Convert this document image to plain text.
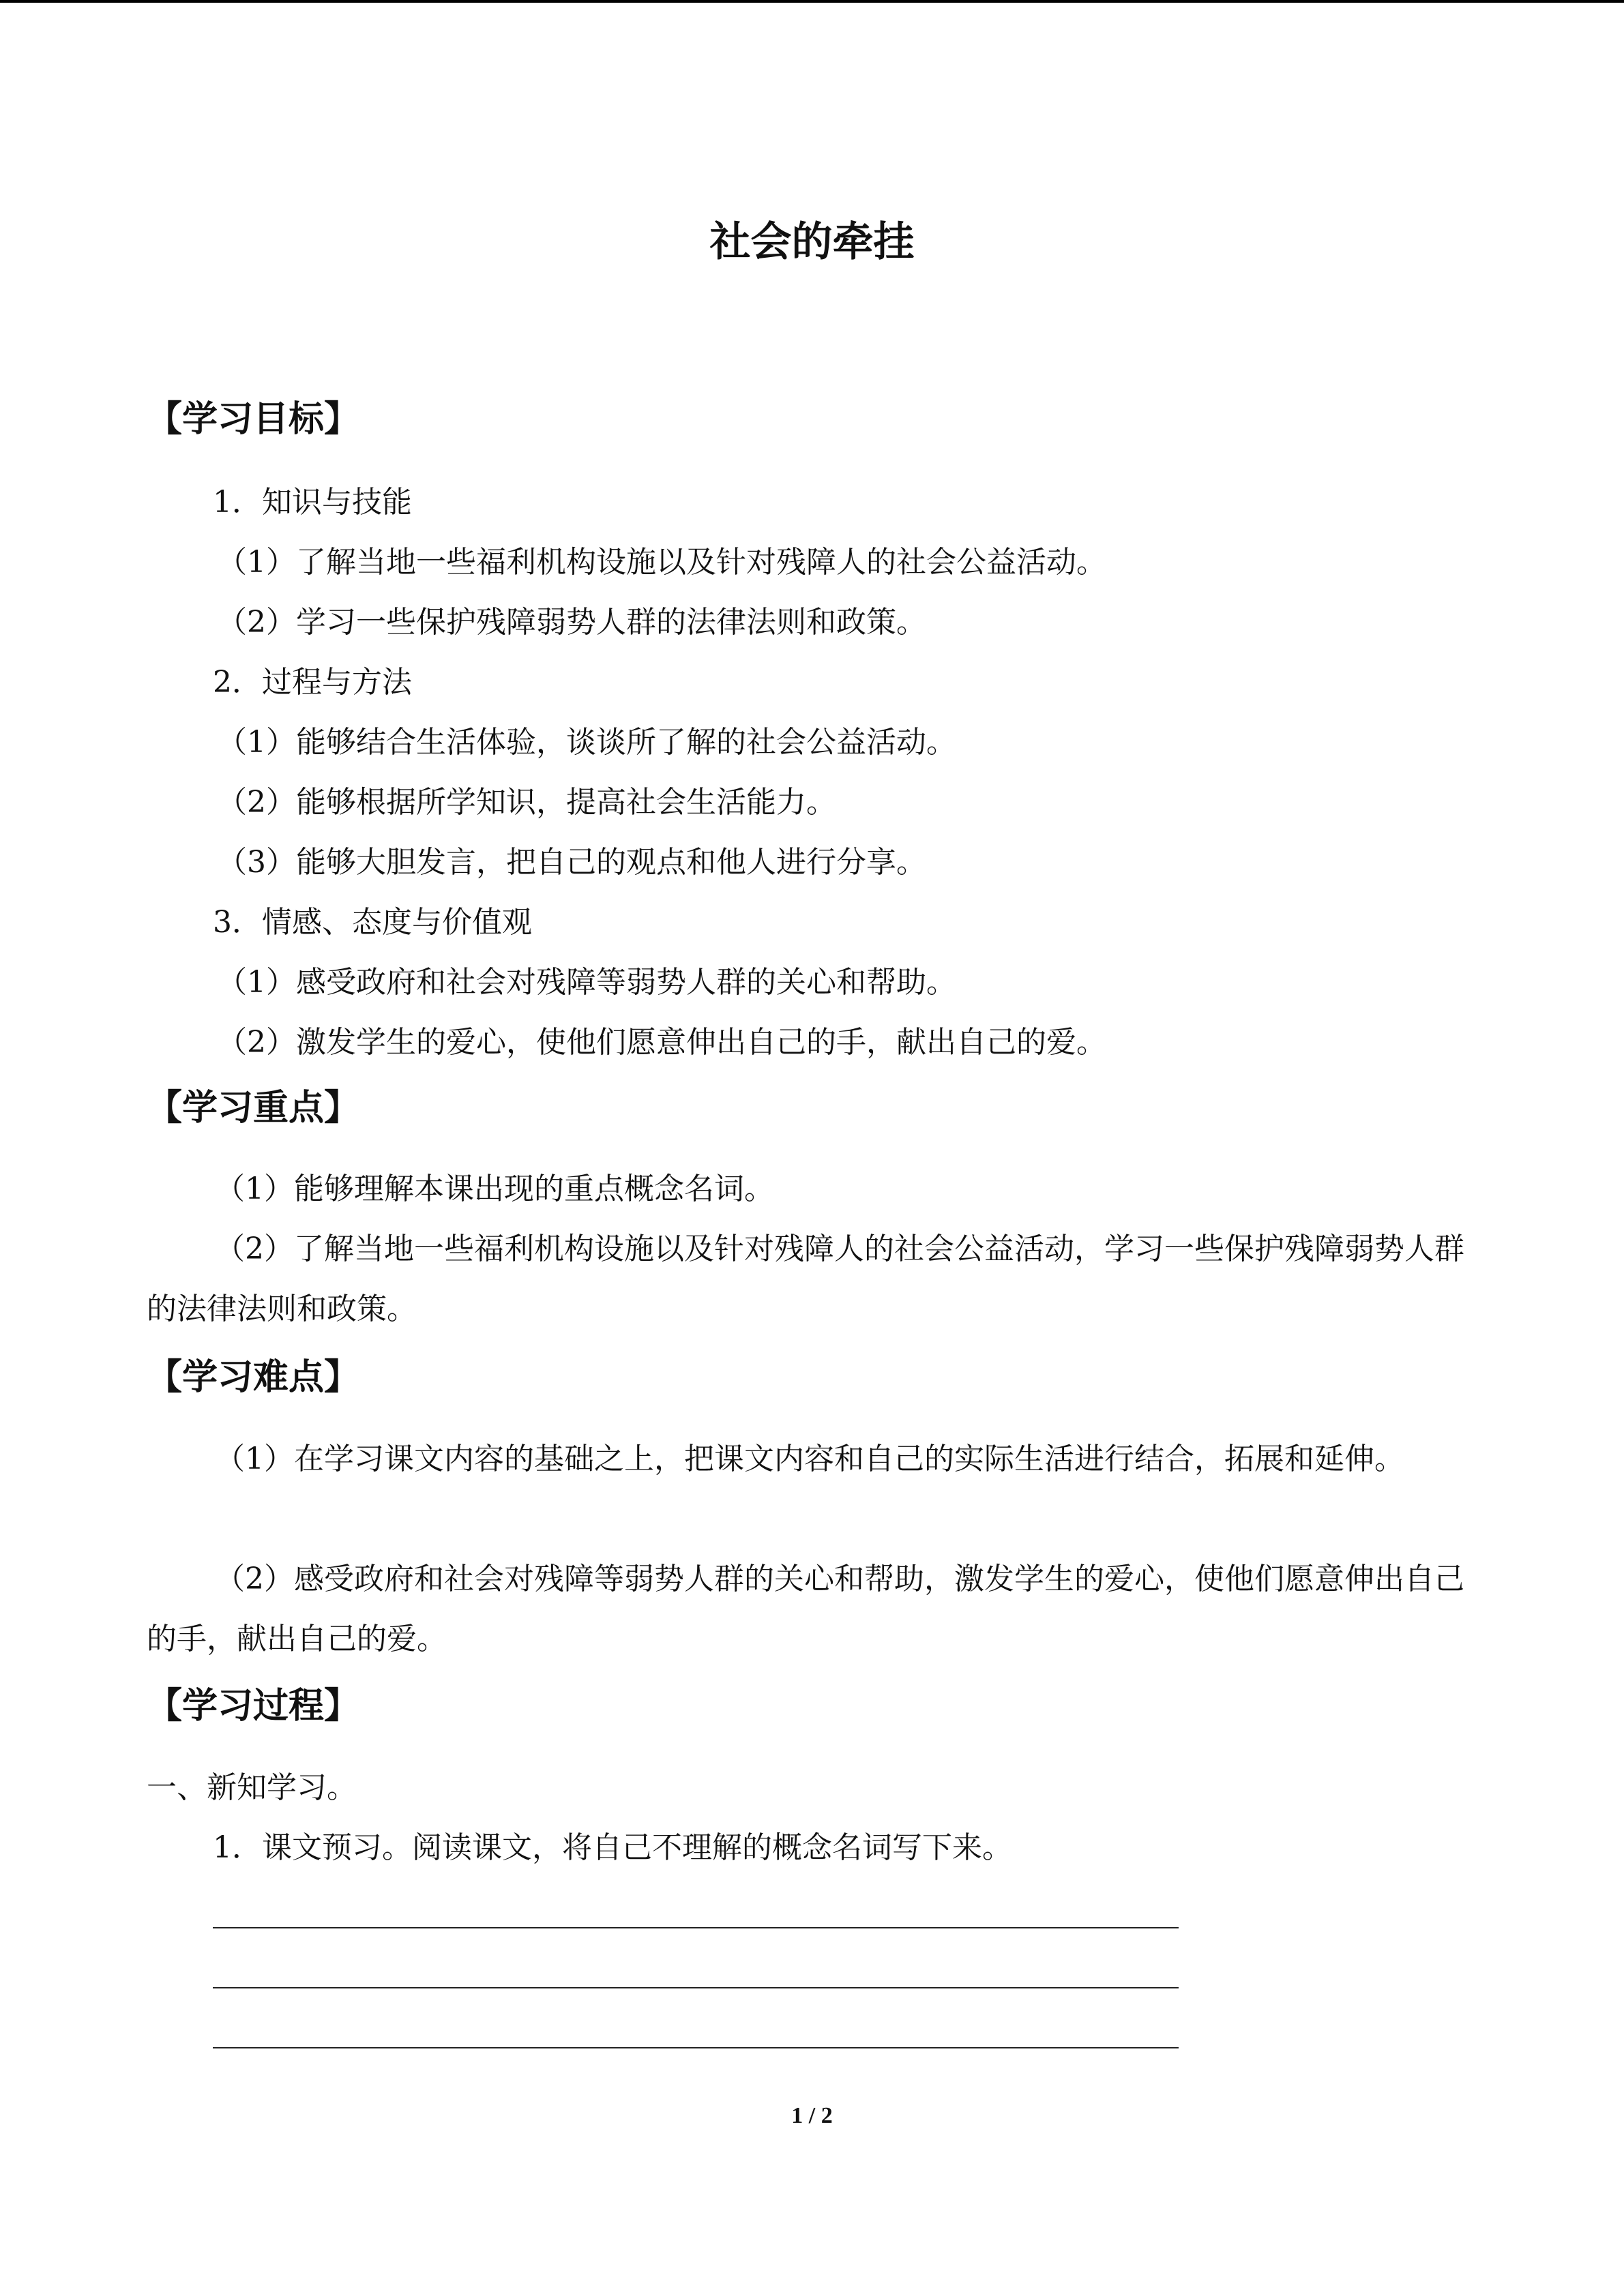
社会的牵挂
【学习目标】
1．知识与技能
（1）了解当地一些福利机构设施以及针对残障人的社会公益活动。
（2）学习一些保护残障弱势人群的法律法则和政策。
2．过程与方法
（1）能够结合生活体验，谈谈所了解的社会公益活动。
（2）能够根据所学知识，提高社会生活能力。
（3）能够大胆发言，把自己的观点和他人进行分享。
3．情感、态度与价值观
（1）感受政府和社会对残障等弱势人群的关心和帮助。
（2）激发学生的爱心，使他们愿意伸出自己的手，献出自己的爱。
【学习重点】
（1）能够理解本课出现的重点概念名词。
（2）了解当地一些福利机构设施以及针对残障人的社会公益活动，学习一些保护残障弱势人群的法律法则和政策。
【学习难点】
（1）在学习课文内容的基础之上，把课文内容和自己的实际生活进行结合，拓展和延伸。
（2）感受政府和社会对残障等弱势人群的关心和帮助，激发学生的爱心，使他们愿意伸出自己的手，献出自己的爱。
【学习过程】
一、新知学习。
1．课文预习。阅读课文，将自己不理解的概念名词写下来。
1 / 2
